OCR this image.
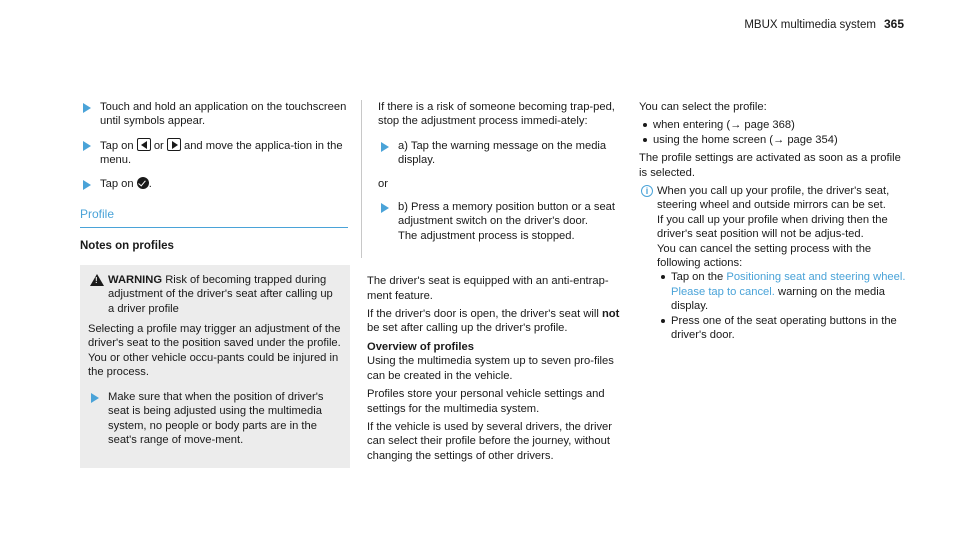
MBUX multimedia system 365
Touch and hold an application on the touchscreen until symbols appear.
Tap on or and move the applica-tion in the menu.
Tap on .
Profile
Notes on profiles
!
WARNING Risk of becoming trapped during adjustment of the driver's seat after calling up a driver profile
Selecting a profile may trigger an adjustment of the driver's seat to the position saved under the profile. You or other vehicle occu-pants could be injured in the process.
Make sure that when the position of driver's seat is being adjusted using the multimedia system, no people or body parts are in the seat's range of move-ment.

If there is a risk of someone becoming trap-ped, stop the adjustment process immedi-ately:

a) Tap the warning message on the media display.

or

b) Press a memory position button or a seat adjustment switch on the driver's door.
The adjustment process is stopped.

The driver's seat is equipped with an anti-entrap-ment feature.

If the driver's door is open, the driver's seat will not be set after calling up the driver's profile.

Overview of profiles

Using the multimedia system up to seven pro-files can be created in the vehicle.

Profiles store your personal vehicle settings and settings for the multimedia system.

If the vehicle is used by several drivers, the driver can select their profile before the journey, without changing the settings of other drivers.

You can select the profile:

when entering (→ page 368)
using the home screen (→ page 354)

The profile settings are activated as soon as a profile is selected.

i When you call up your profile, the driver's seat, steering wheel and outside mirrors can be set.

If you call up your profile when driving then the driver's seat position will not be adjus-ted.

You can cancel the setting process with the following actions:

Tap on the Positioning seat and steering wheel. Please tap to cancel. warning on the media display.
Press one of the seat operating buttons in the driver's door.
